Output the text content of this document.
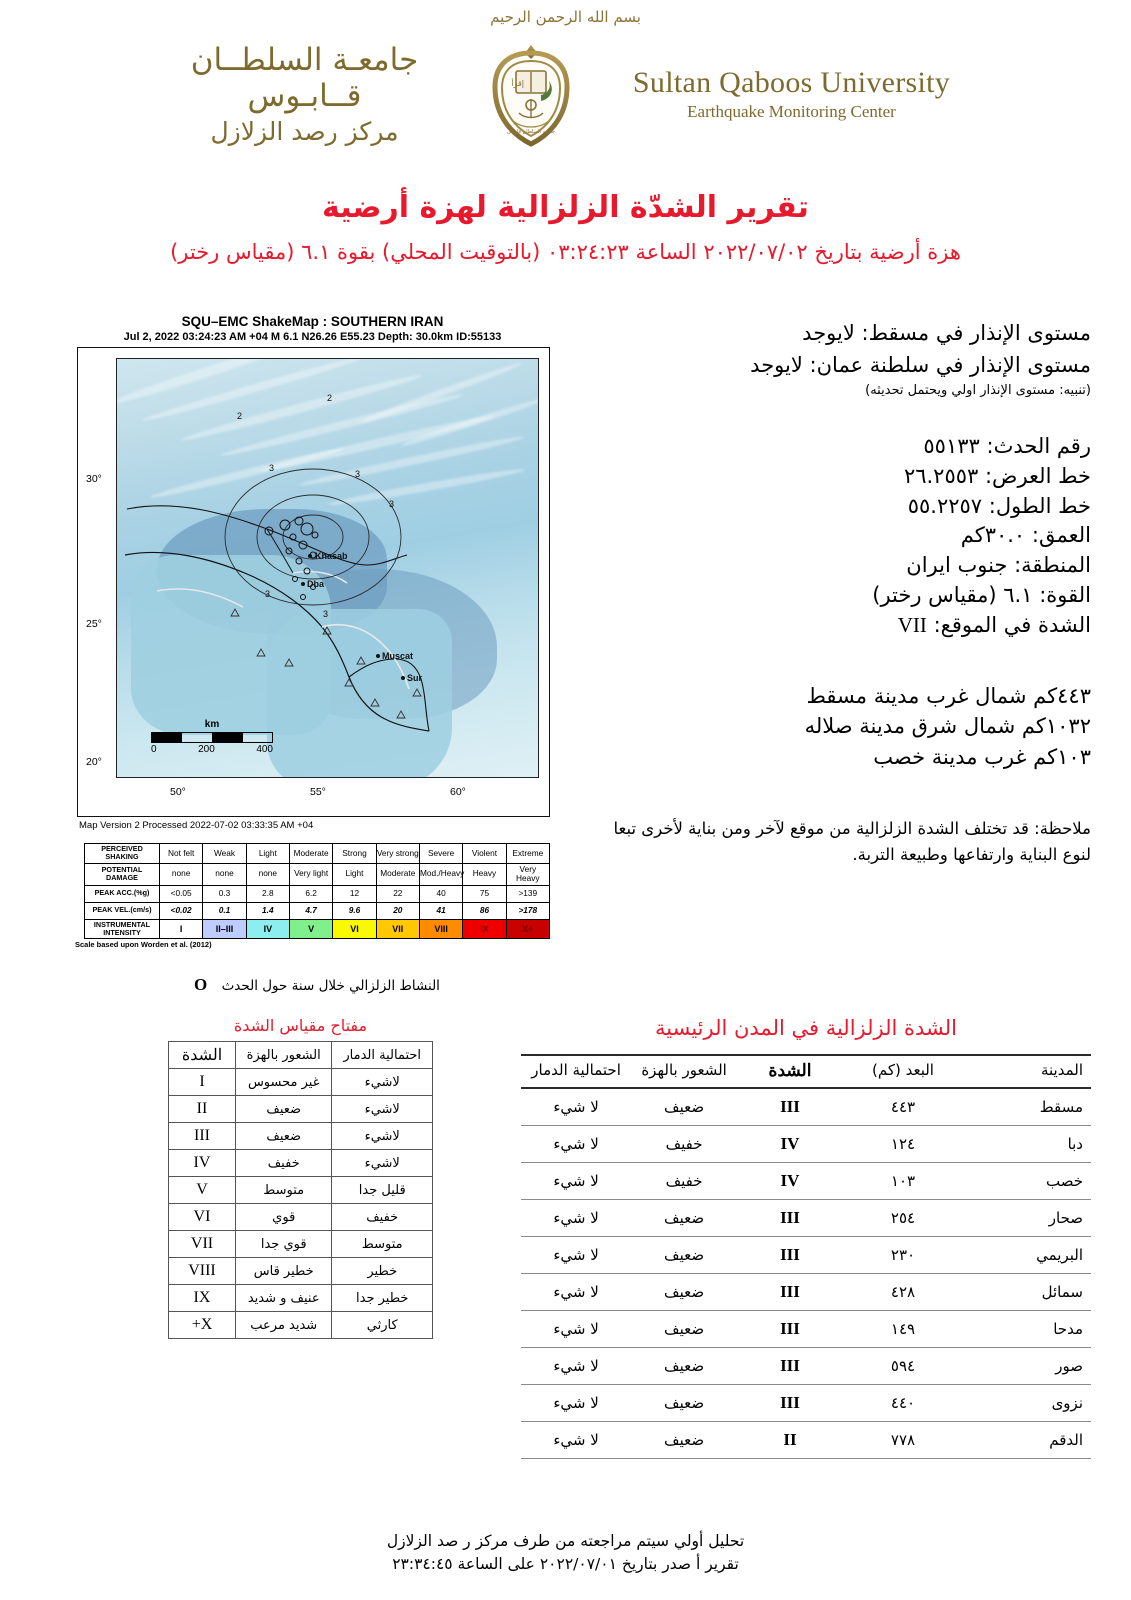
بسم الله الرحمن الرحيم
Sultan Qaboos University
Earthquake Monitoring Center
إقرأ
جامعة السلطان قابوس
جامعـة السلطــان قــابـوس
مركز رصد الزلازل
تقرير الشدّة الزلزالية لهزة أرضية
هزة أرضية بتاريخ ٢٠٢٢/٠٧/٠٢ الساعة ٠٣:٢٤:٢٣ (بالتوقيت المحلي) بقوة ٦.١ (مقياس رختر)
SQU–EMC ShakeMap : SOUTHERN IRAN
Jul 2, 2022 03:24:23 AM +04 M 6.1 N26.26 E55.23 Depth: 30.0km ID:55133
2
2
3
3
3
3
3
Khasab
Dba
Muscat
Sur
km
0	200	400
30°
25°
20°
50°	55°	60°
Map Version 2 Processed 2022-07-02 03:33:35 AM +04
PERCEIVED SHAKING	Not felt	Weak	Light	Moderate	Strong	Very strong	Severe	Violent	Extreme
POTENTIAL DAMAGE	none	none	none	Very light	Light	Moderate	Mod./Heavy	Heavy	Very Heavy
PEAK ACC.(%g)	<0.05	0.3	2.8	6.2	12	22	40	75	>139
PEAK VEL.(cm/s)	<0.02	0.1	1.4	4.7	9.6	20	41	86	>178
INSTRUMENTAL INTENSITY	I	II–III	IV	V	VI	VII	VIII	IX	X+
Scale based upon Worden et al. (2012)
النشاط الزلزالي خلال سنة حول الحدث O
مستوى الإنذار في مسقط: لايوجد
مستوى الإنذار في سلطنة عمان: لايوجد
(تنبيه: مستوى الإنذار اولي ويحتمل تحديثه)
رقم الحدث: ٥٥١٣٣
خط العرض: ٢٦.٢٥٥٣
خط الطول: ٥٥.٢٢٥٧
العمق: ٣٠.٠كم
المنطقة: جنوب ايران
القوة: ٦.١ (مقياس رختر)
الشدة في الموقع: VII
٤٤٣كم شمال غرب مدينة مسقط
١٠٣٢كم شمال شرق مدينة صلاله
١٠٣كم غرب مدينة خصب
ملاحظة: قد تختلف الشدة الزلزالية من موقع لآخر ومن بناية لأخرى تبعا لنوع البناية وارتفاعها وطبيعة التربة.
مفتاح مقياس الشدة
احتمالية الدمار	الشعور بالهزة	الشدة
لاشيء	غير محسوس	I
لاشيء	ضعيف	II
لاشيء	ضعيف	III
لاشيء	خفيف	IV
قليل جدا	متوسط	V
خفيف	قوي	VI
متوسط	قوي جدا	VII
خطير	خطير قاس	VIII
خطير جدا	عنيف و شديد	IX
كارثي	شديد مرعب	X+
الشدة الزلزالية في المدن الرئيسية
المدينة	البعد (كم)	الشدة	الشعور بالهزة	احتمالية الدمار
مسقط	٤٤٣	III	ضعيف	لا شيء
دبا	١٢٤	IV	خفيف	لا شيء
خصب	١٠٣	IV	خفيف	لا شيء
صحار	٢٥٤	III	ضعيف	لا شيء
البريمي	٢٣٠	III	ضعيف	لا شيء
سمائل	٤٢٨	III	ضعيف	لا شيء
مدحا	١٤٩	III	ضعيف	لا شيء
صور	٥٩٤	III	ضعيف	لا شيء
نزوى	٤٤٠	III	ضعيف	لا شيء
الدقم	٧٧٨	II	ضعيف	لا شيء
تحليل أولي سيتم مراجعته من طرف مركز ر صد الزلازل
تقرير أ صدر بتاريخ ٢٠٢٢/٠٧/٠١ على الساعة ٢٣:٣٤:٤٥
